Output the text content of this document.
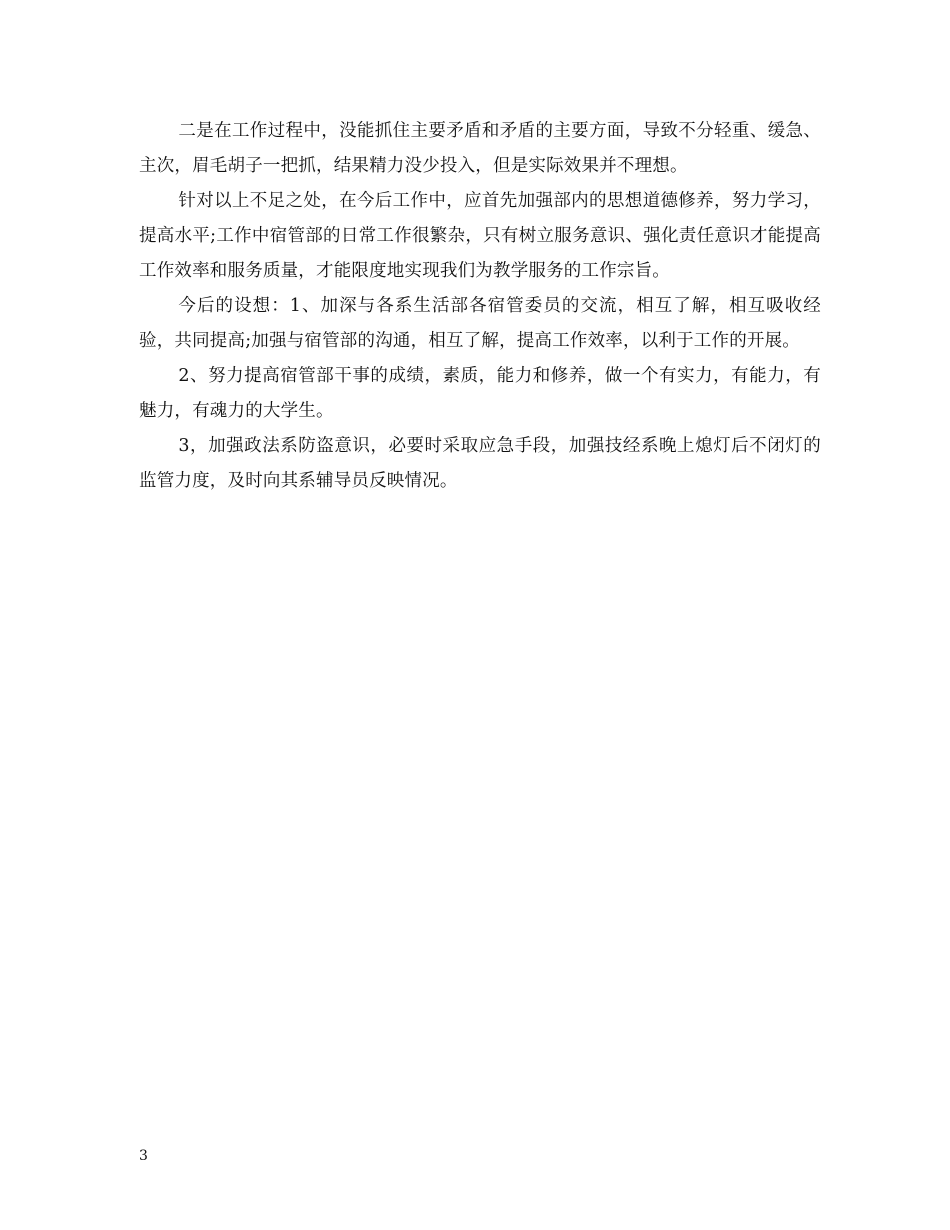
二是在工作过程中，没能抓住主要矛盾和矛盾的主要方面，导致不分轻重、缓急、主次，眉毛胡子一把抓，结果精力没少投入，但是实际效果并不理想。

针对以上不足之处，在今后工作中，应首先加强部内的思想道德修养，努力学习，提高水平;工作中宿管部的日常工作很繁杂，只有树立服务意识、强化责任意识才能提高工作效率和服务质量，才能限度地实现我们为教学服务的工作宗旨。

今后的设想：1、加深与各系生活部各宿管委员的交流，相互了解，相互吸收经验，共同提高;加强与宿管部的沟通，相互了解，提高工作效率，以利于工作的开展。

2、努力提高宿管部干事的成绩，素质，能力和修养，做一个有实力，有能力，有魅力，有魂力的大学生。

3，加强政法系防盗意识，必要时采取应急手段，加强技经系晚上熄灯后不闭灯的监管力度，及时向其系辅导员反映情况。

3
